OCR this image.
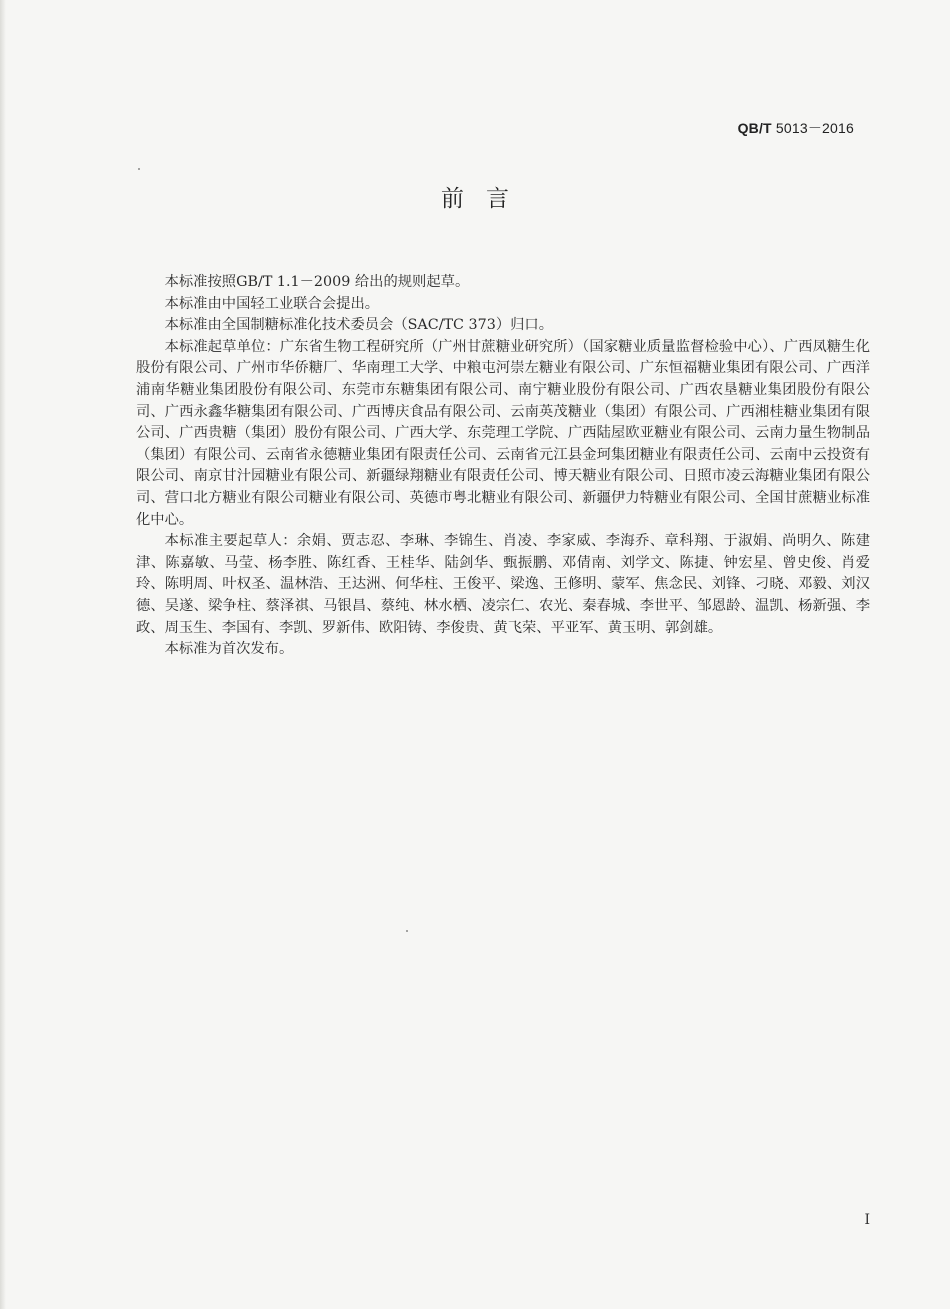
QB/T 5013－2016
前言

本标准按照GB/T 1.1－2009 给出的规则起草。

本标准由中国轻工业联合会提出。

本标准由全国制糖标准化技术委员会（SAC/TC 373）归口。

本标准起草单位：广东省生物工程研究所（广州甘蔗糖业研究所）（国家糖业质量监督检验中心）、广西凤糖生化股份有限公司、广州市华侨糖厂、华南理工大学、中粮屯河崇左糖业有限公司、广东恒福糖业集团有限公司、广西洋浦南华糖业集团股份有限公司、东莞市东糖集团有限公司、南宁糖业股份有限公司、广西农垦糖业集团股份有限公司、广西永鑫华糖集团有限公司、广西博庆食品有限公司、云南英茂糖业（集团）有限公司、广西湘桂糖业集团有限公司、广西贵糖（集团）股份有限公司、广西大学、东莞理工学院、广西陆屋欧亚糖业有限公司、云南力量生物制品（集团）有限公司、云南省永德糖业集团有限责任公司、云南省元江县金珂集团糖业有限责任公司、云南中云投资有限公司、南京甘汁园糖业有限公司、新疆绿翔糖业有限责任公司、博天糖业有限公司、日照市凌云海糖业集团有限公司、营口北方糖业有限公司糖业有限公司、英德市粤北糖业有限公司、新疆伊力特糖业有限公司、全国甘蔗糖业标准化中心。

本标准主要起草人：余娟、贾志忍、李琳、李锦生、肖凌、李家威、李海乔、章科翔、于淑娟、尚明久、陈建津、陈嘉敏、马莹、杨李胜、陈红香、王桂华、陆剑华、甄振鹏、邓倩南、刘学文、陈捷、钟宏星、曾史俊、肖爱玲、陈明周、叶权圣、温林浩、王达洲、何华柱、王俊平、梁逸、王修明、蒙军、焦念民、刘锋、刁晓、邓毅、刘汉德、吴遂、梁争柱、蔡泽祺、马银昌、蔡纯、林水栖、凌宗仁、农光、秦春城、李世平、邹恩龄、温凯、杨新强、李政、周玉生、李国有、李凯、罗新伟、欧阳铸、李俊贵、黄飞荣、平亚军、黄玉明、郭剑雄。

本标准为首次发布。

I
